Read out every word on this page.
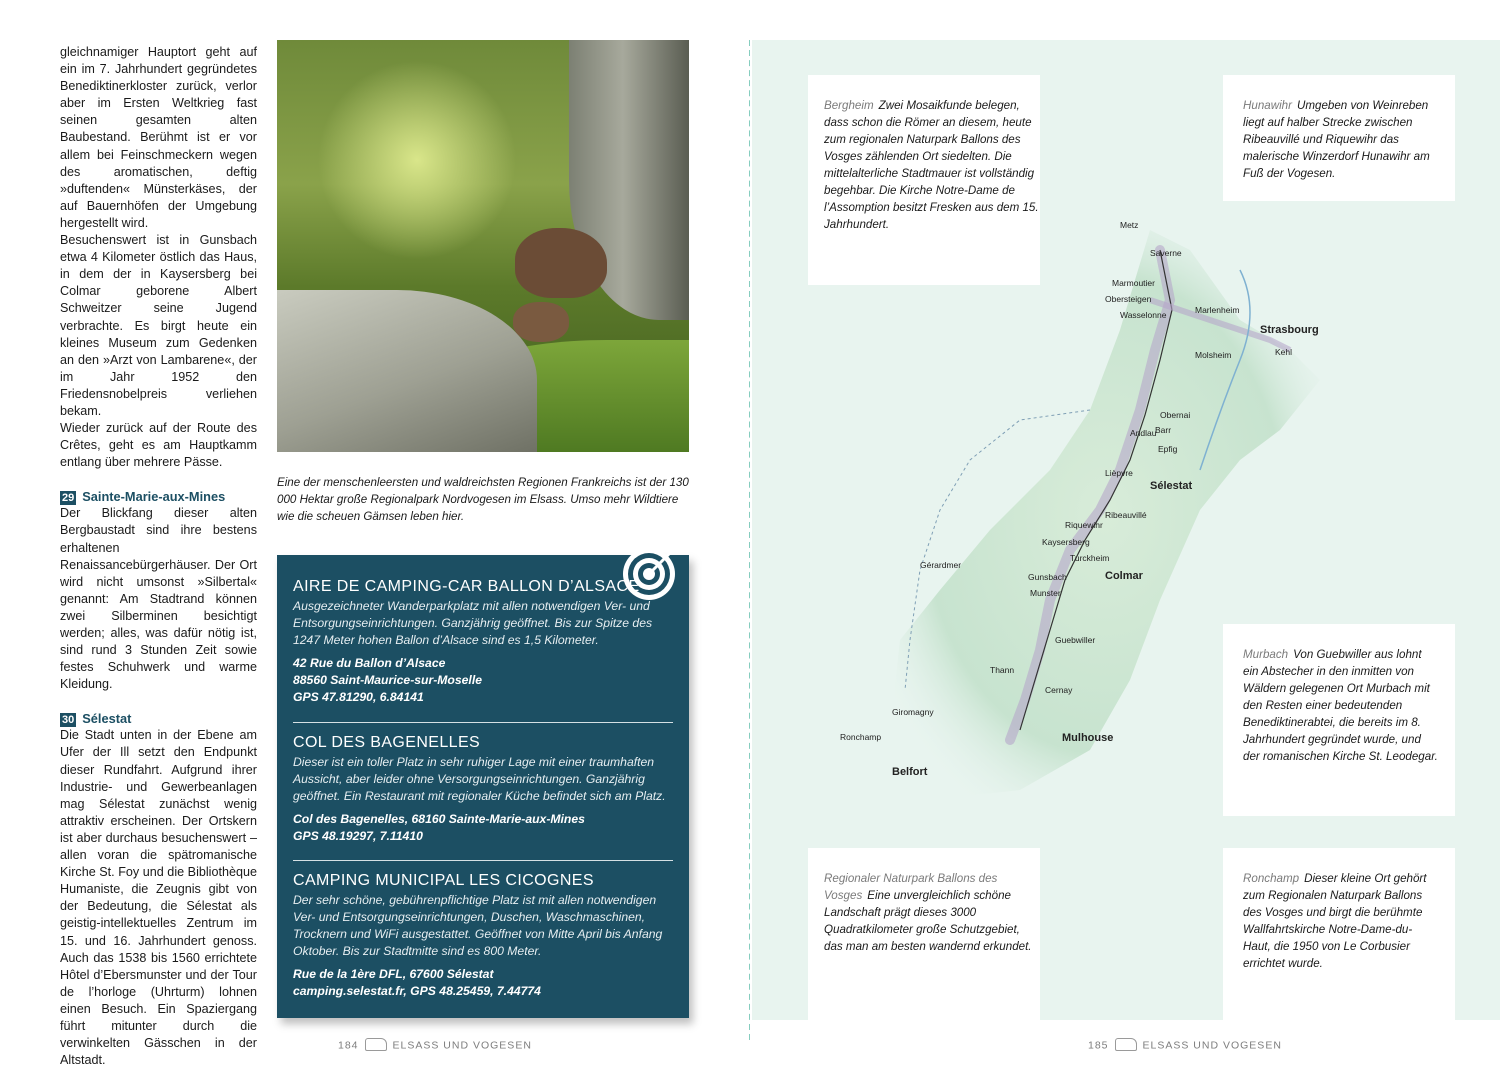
gleichnamiger Hauptort geht auf ein im 7. Jahrhundert gegründetes Benediktinerkloster zurück, verlor aber im Ersten Weltkrieg fast seinen gesamten alten Baubestand. Berühmt ist er vor allem bei Feinschmeckern wegen des aromatischen, deftig »duftenden« Münsterkäses, der auf Bauernhöfen der Umgebung hergestellt wird.

Besuchenswert ist in Gunsbach etwa 4 Kilometer östlich das Haus, in dem der in Kaysersberg bei Colmar geborene Albert Schweitzer seine Jugend verbrachte. Es birgt heute ein kleines Museum zum Gedenken an den »Arzt von Lambarene«, der im Jahr 1952 den Friedensnobelpreis verliehen bekam.

Wieder zurück auf der Route des Crêtes, geht es am Hauptkamm entlang über mehrere Pässe.

29 Sainte-Marie-aux-Mines

Der Blickfang dieser alten Bergbaustadt sind ihre bestens erhaltenen Renaissancebürgerhäuser. Der Ort wird nicht umsonst »Silbertal« genannt: Am Stadtrand können zwei Silberminen besichtigt werden; alles, was dafür nötig ist, sind rund 3 Stunden Zeit sowie festes Schuhwerk und warme Kleidung.

30 Sélestat

Die Stadt unten in der Ebene am Ufer der Ill setzt den Endpunkt dieser Rundfahrt. Aufgrund ihrer Industrie- und Gewerbeanlagen mag Sélestat zunächst wenig attraktiv erscheinen. Der Ortskern ist aber durchaus besuchenswert – allen voran die spätromanische Kirche St. Foy und die Bibliothèque Humaniste, die Zeugnis gibt von der Bedeutung, die Sélestat als geistig-intellektuelles Zentrum im 15. und 16. Jahrhundert genoss. Auch das 1538 bis 1560 errichtete Hôtel d’Ebersmunster und der Tour de l’horloge (Uhrturm) lohnen einen Besuch. Ein Spaziergang führt mitunter durch die verwinkelten Gässchen in der Altstadt.

Eine der menschenleersten und waldreichsten Regionen Frankreichs ist der 130 000 Hektar große Regionalpark Nordvogesen im Elsass. Umso mehr Wildtiere wie die scheuen Gämsen leben hier.
AIRE DE CAMPING-CAR BALLON D’ALSACE
Ausgezeichneter Wanderparkplatz mit allen notwendigen Ver- und Entsorgungseinrichtungen. Ganzjährig geöffnet. Bis zur Spitze des 1247 Meter hohen Ballon d’Alsace sind es 1,5 Kilometer.
42 Rue du Ballon d’Alsace
88560 Saint-Maurice-sur-Moselle
GPS 47.81290, 6.84141
COL DES BAGENELLES
Dieser ist ein toller Platz in sehr ruhiger Lage mit einer traumhaften Aussicht, aber leider ohne Versorgungseinrichtungen. Ganzjährig geöffnet. Ein Restaurant mit regionaler Küche befindet sich am Platz.
Col des Bagenelles, 68160 Sainte-Marie-aux-Mines
GPS 48.19297, 7.11410
CAMPING MUNICIPAL LES CICOGNES
Der sehr schöne, gebührenpflichtige Platz ist mit allen notwendigen Ver- und Entsorgungseinrichtungen, Duschen, Waschmaschinen, Trocknern und WiFi ausgestattet. Geöffnet von Mitte April bis Anfang Oktober. Bis zur Stadtmitte sind es 800 Meter.
Rue de la 1ère DFL, 67600 Sélestat
camping.selestat.fr, GPS 48.25459, 7.44774
184	ELSASS UND VOGESEN

Bergheim Zwei Mosaikfunde belegen, dass schon die Römer an diesem, heute zum regionalen Naturpark Ballons des Vosges zählenden Ort siedelten. Die mittelalterliche Stadtmauer ist vollständig begehbar. Die Kirche Notre-Dame de l’Assomption besitzt Fresken aus dem 15. Jahrhundert.

Hunawihr Umgeben von Weinreben liegt auf halber Strecke zwischen Ribeauvillé und Riquewihr das malerische Winzerdorf Hunawihr am Fuß der Vogesen.

Murbach Von Guebwiller aus lohnt ein Abstecher in den inmitten von Wäldern gelegenen Ort Murbach mit den Resten einer bedeutenden Benediktinerabtei, die bereits im 8. Jahrhundert gegründet wurde, und der romanischen Kirche St. Leodegar.

Regionaler Naturpark Ballons des Vosges Eine unvergleichlich schöne Landschaft prägt dieses 3000 Quadratkilometer große Schutzgebiet, das man am besten wandernd erkundet.

Ronchamp Dieser kleine Ort gehört zum Regionalen Naturpark Ballons des Vosges und birgt die berühmte Wallfahrtskirche Notre-Dame-du-Haut, die 1950 von Le Corbusier errichtet wurde.

Metz
Saverne
Marmoutier
Obersteigen
Wasselonne	Marlenheim
Strasbourg
Kehl
Molsheim
Obernai
Barr
Andlau
Epfig
Lièpvre
Sélestat
Ribeauvillé
Riquewihr
Kaysersberg
Turckheim
Colmar
Gunsbach
Munster
Gérardmer
Guebwiller
Thann
Cernay
Mulhouse
Giromagny
Ronchamp
Belfort
185	ELSASS UND VOGESEN
